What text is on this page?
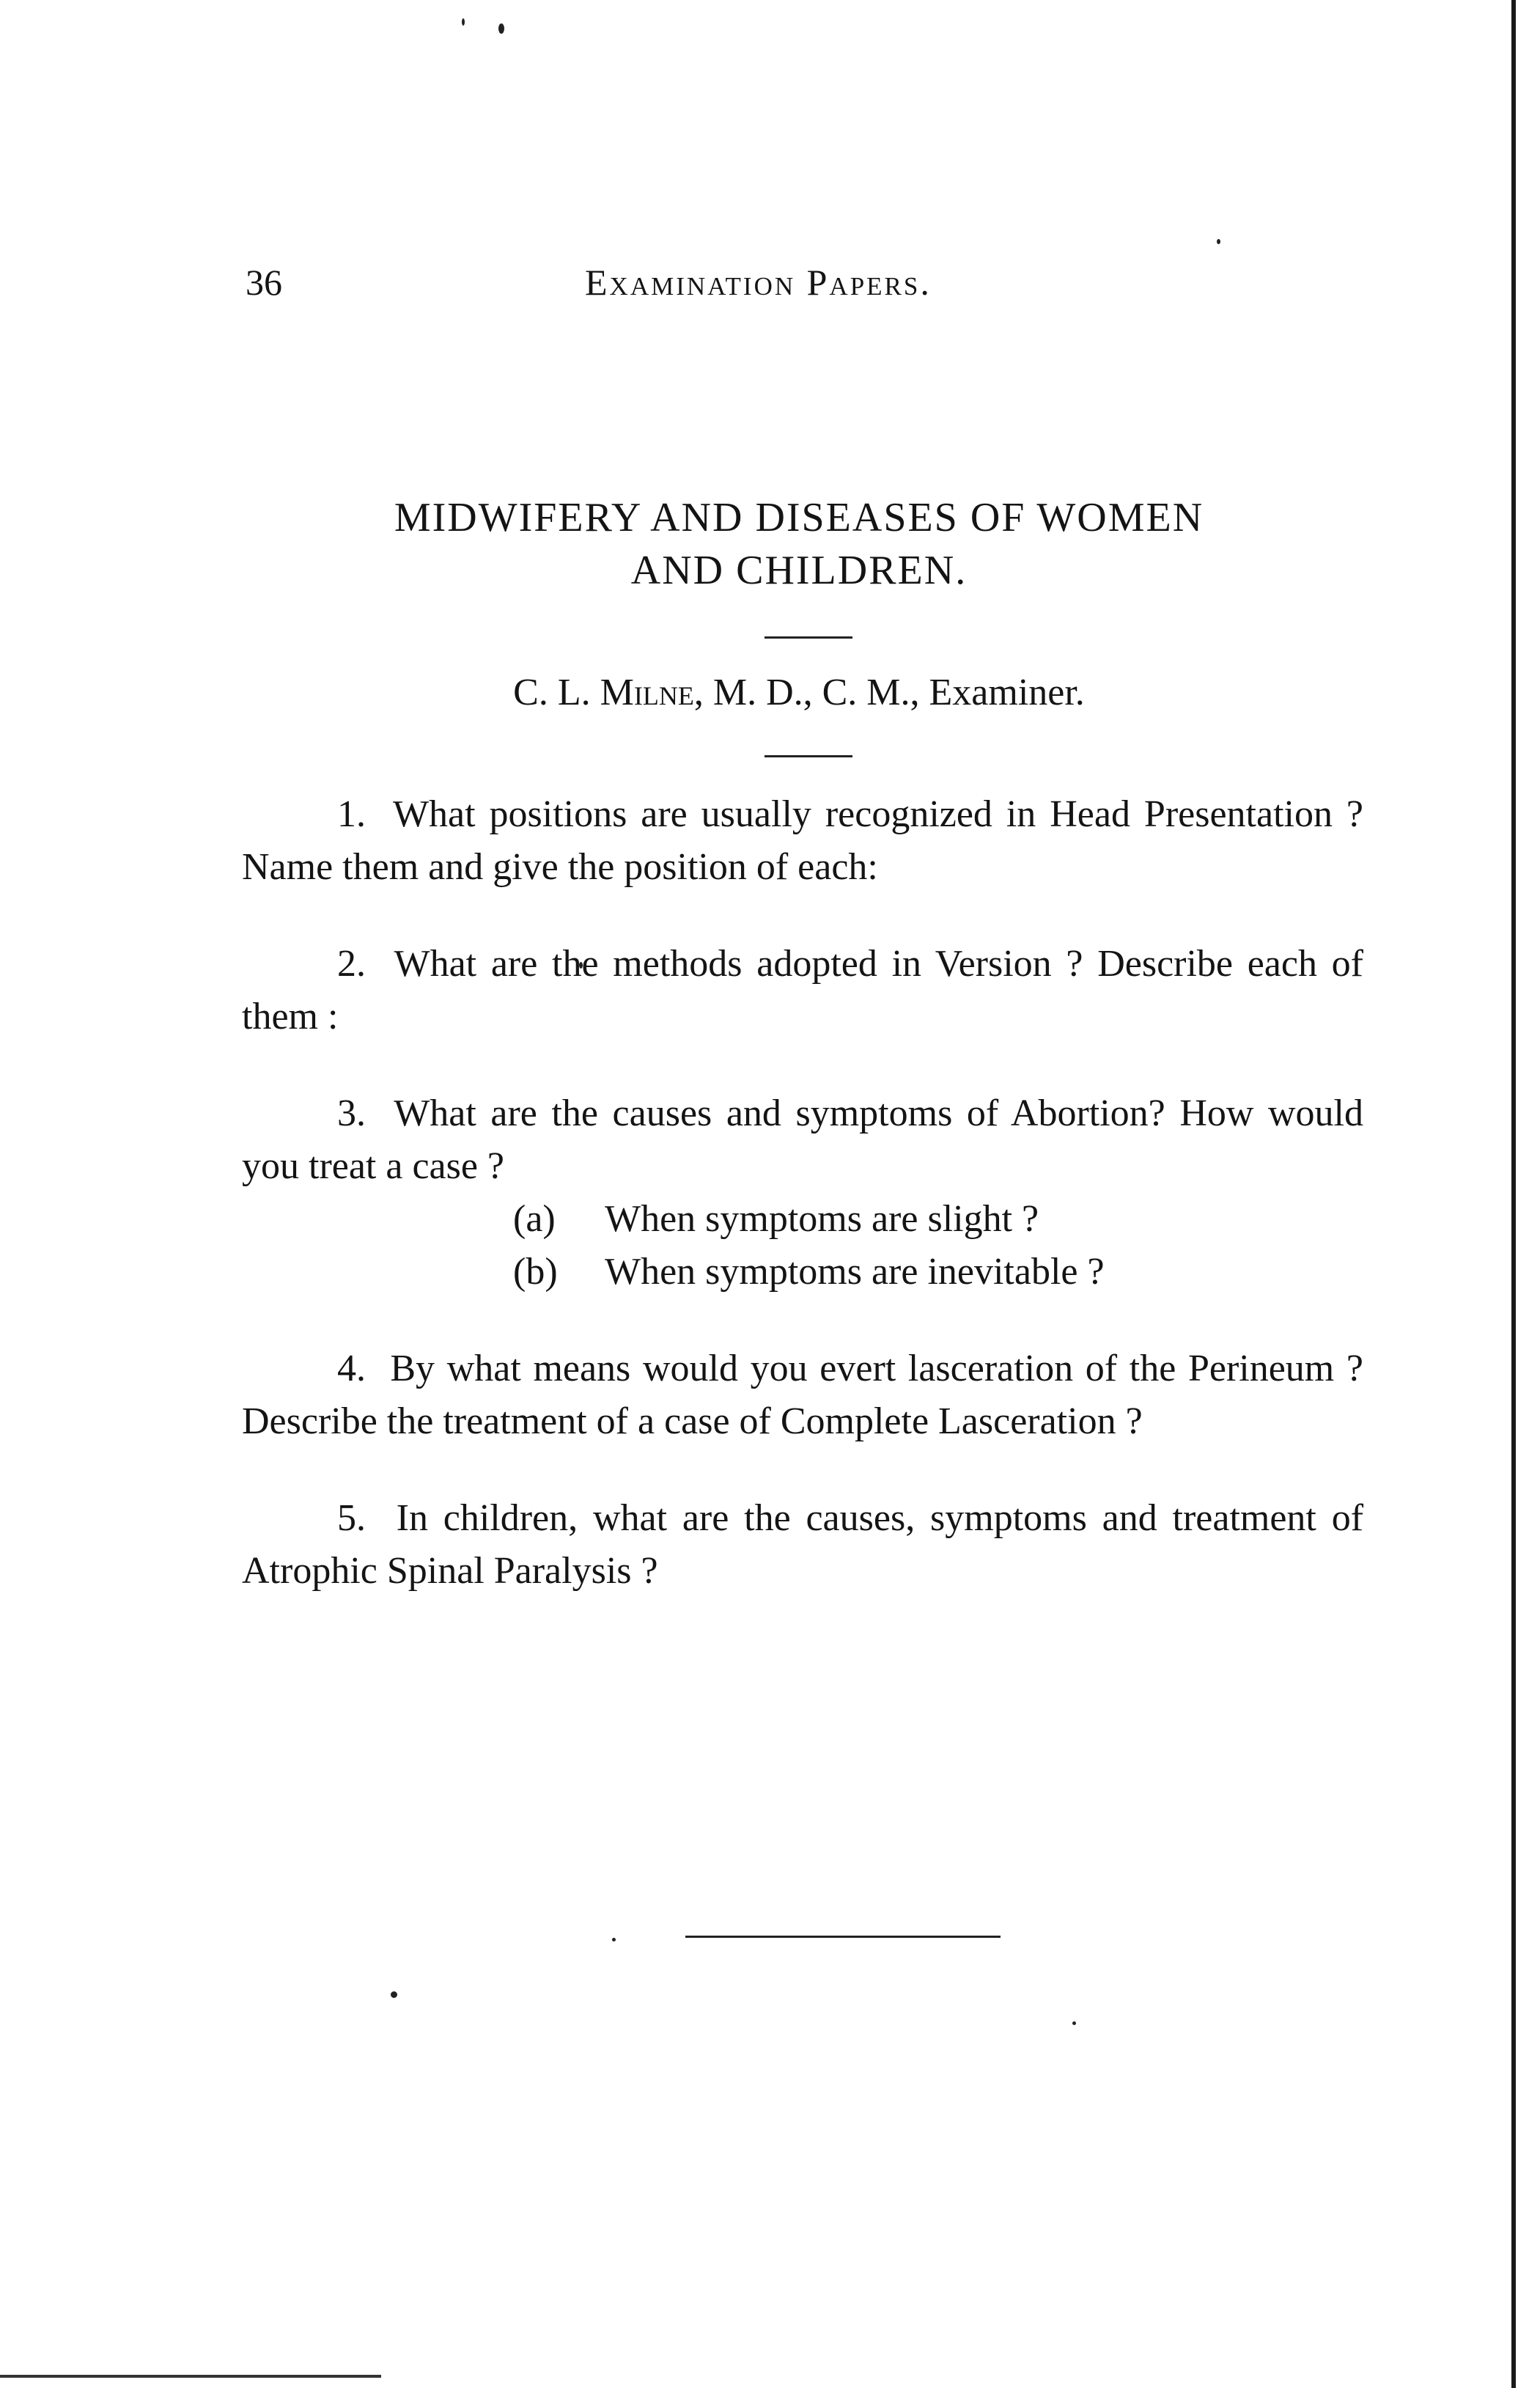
36	Examination Papers.
MIDWIFERY AND DISEASES OF WOMEN
AND CHILDREN.
C. L. Milne, M. D., C. M., Examiner.

1. What positions are usually recognized in Head Presentation ? Name them and give the position of each:

2. What are the methods adopted in Version ? Describe each of them :

3. What are the causes and symptoms of Abortion? How would you treat a case ?
(a) When symptoms are slight ?
(b) When symptoms are inevitable ?

4. By what means would you evert lasceration of the Perineum ? Describe the treatment of a case of Complete Lasceration ?

5. In children, what are the causes, symptoms and treatment of Atrophic Spinal Paralysis ?
